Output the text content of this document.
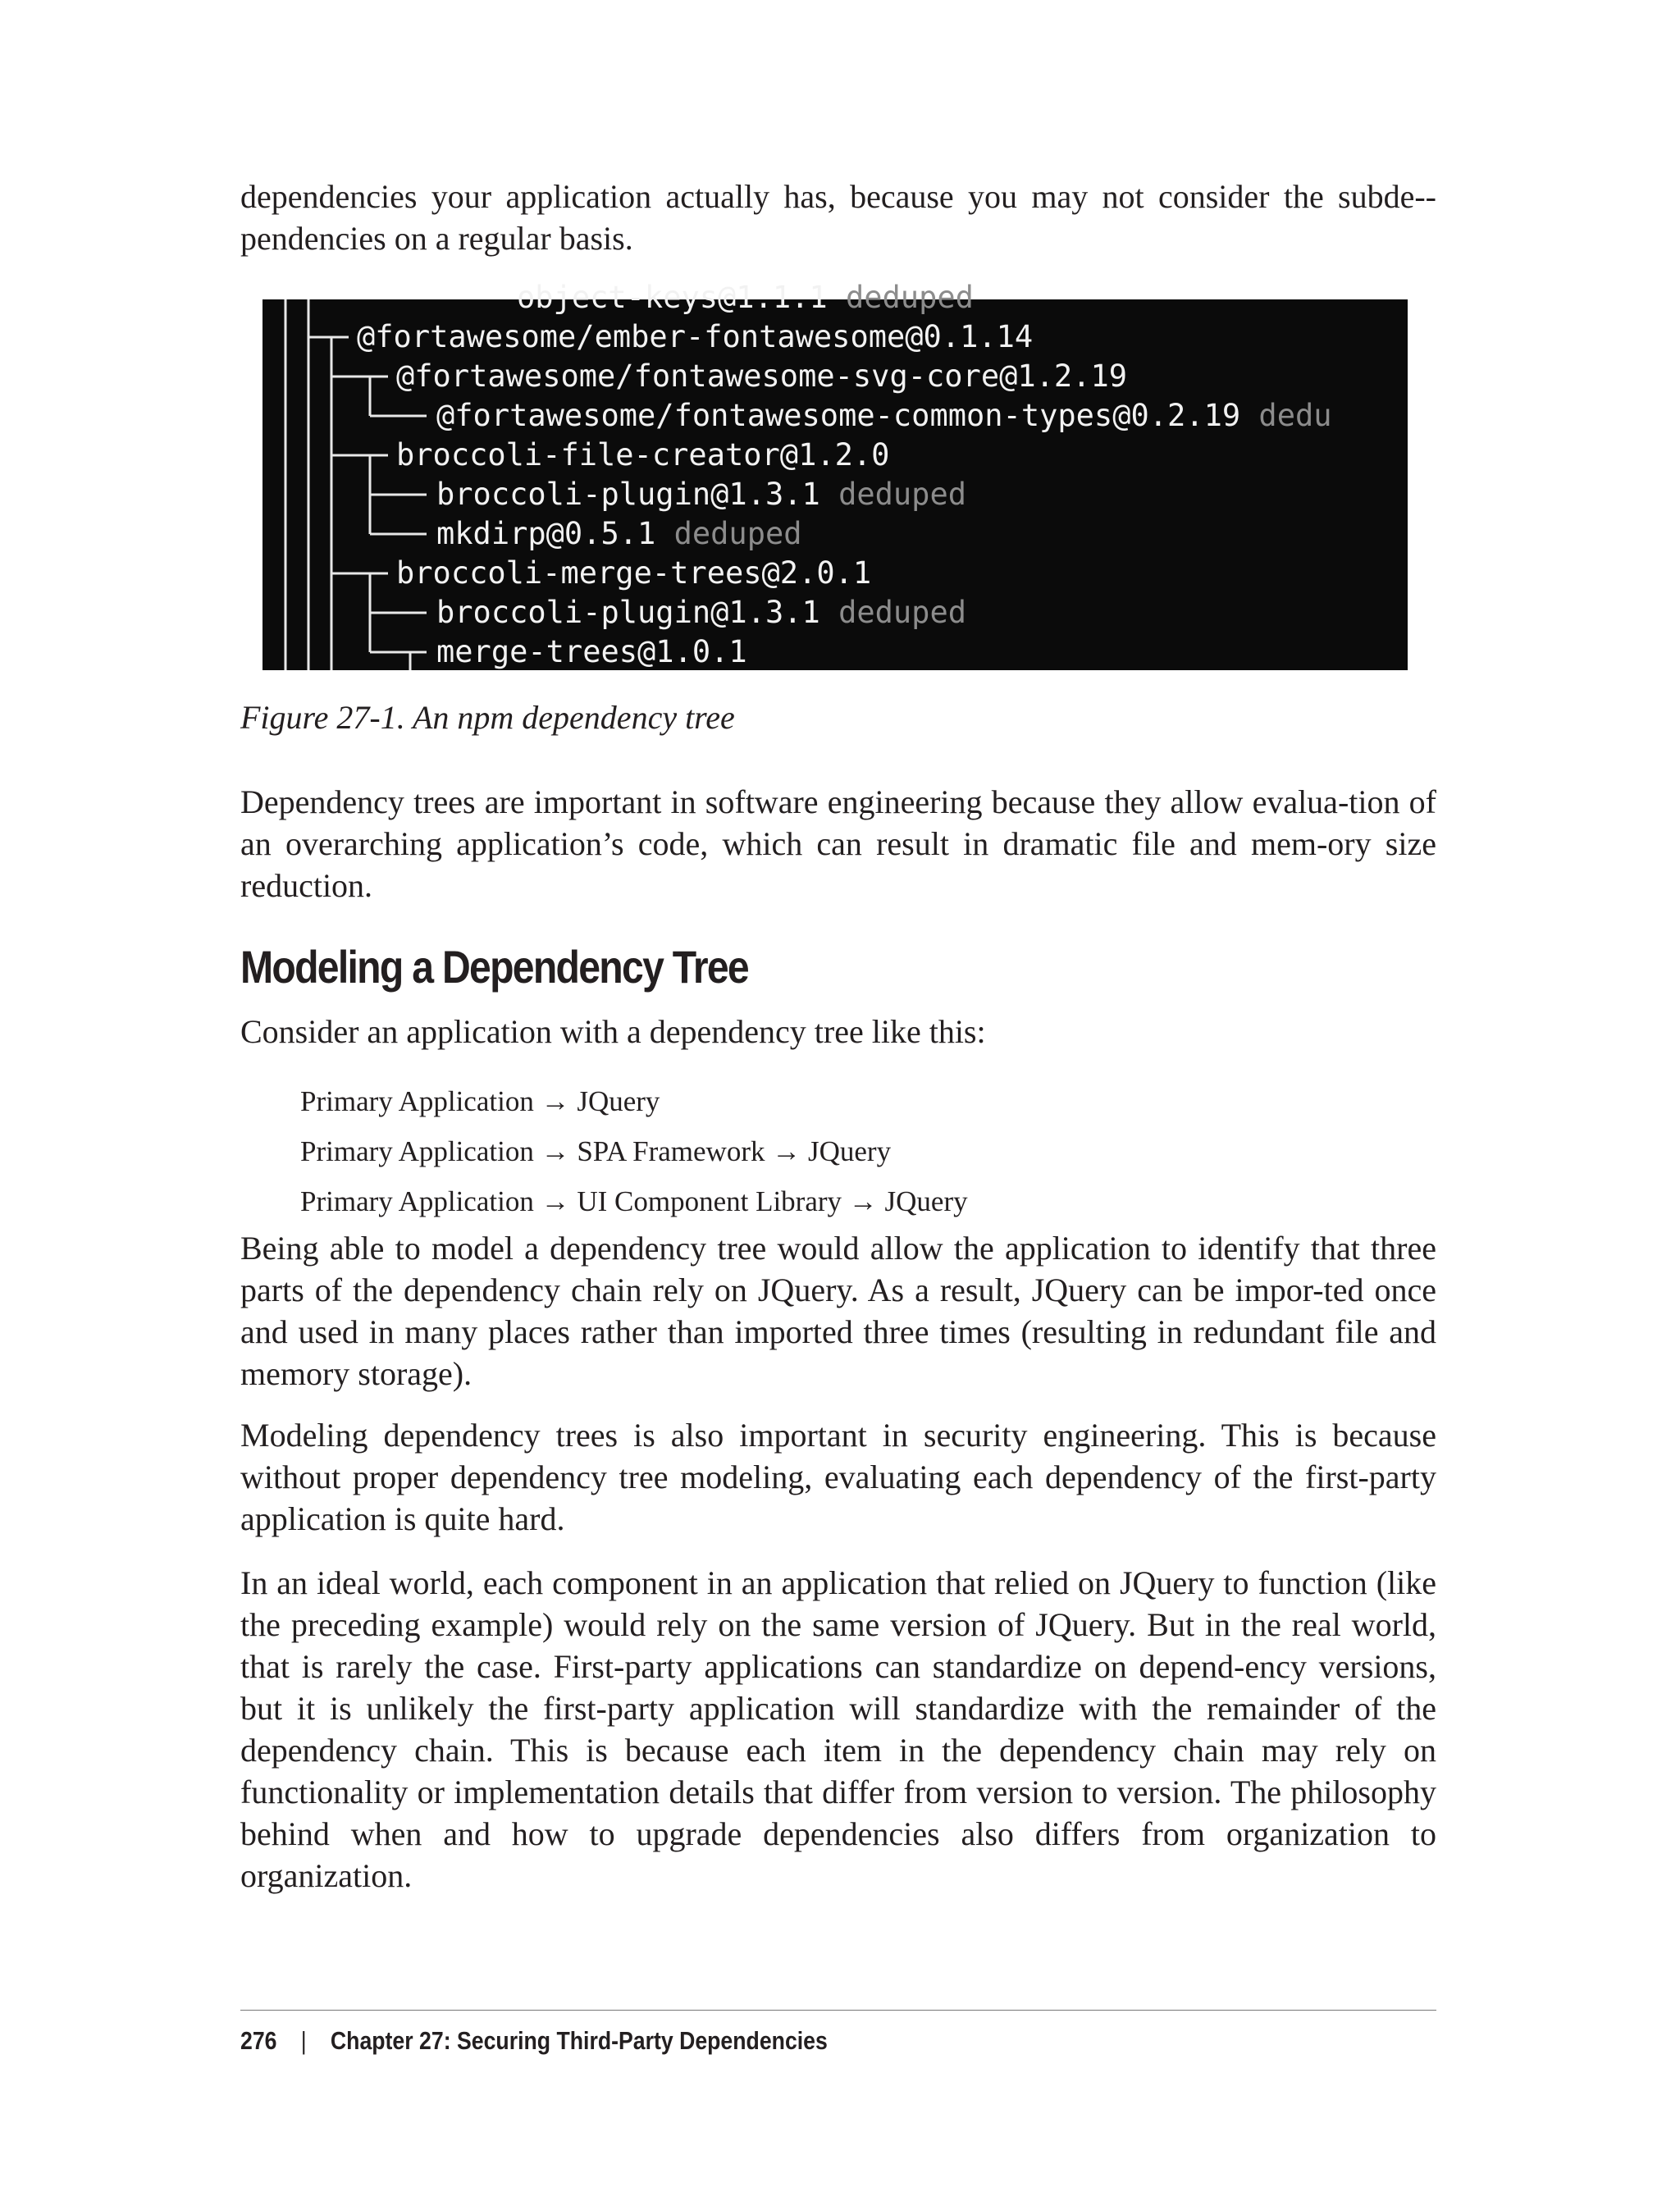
dependencies your application actually has, because you may not consider the subde-pendencies on a regular basis.

object-keys@1.1.1 deduped
@fortawesome/ember-fontawesome@0.1.14
@fortawesome/fontawesome-svg-core@1.2.19
@fortawesome/fontawesome-common-types@0.2.19 dedu
broccoli-file-creator@1.2.0
broccoli-plugin@1.3.1 deduped
mkdirp@0.5.1 deduped
broccoli-merge-trees@2.0.1
broccoli-plugin@1.3.1 deduped
merge-trees@1.0.1

Figure 27-1. An npm dependency tree

Dependency trees are important in software engineering because they allow evalua-tion of an overarching application’s code, which can result in dramatic file and mem-ory size reduction.

Modeling a Dependency Tree

Consider an application with a dependency tree like this:

Primary Application → JQuery
Primary Application → SPA Framework → JQuery
Primary Application → UI Component Library → JQuery

Being able to model a dependency tree would allow the application to identify that three parts of the dependency chain rely on JQuery. As a result, JQuery can be impor-ted once and used in many places rather than imported three times (resulting in redundant file and memory storage).

Modeling dependency trees is also important in security engineering. This is because without proper dependency tree modeling, evaluating each dependency of the first-party application is quite hard.

In an ideal world, each component in an application that relied on JQuery to function (like the preceding example) would rely on the same version of JQuery. But in the real world, that is rarely the case. First-party applications can standardize on depend-ency versions, but it is unlikely the first-party application will standardize with the remainder of the dependency chain. This is because each item in the dependency chain may rely on functionality or implementation details that differ from version to version. The philosophy behind when and how to upgrade dependencies also differs from organization to organization.

276 | Chapter 27: Securing Third-Party Dependencies
